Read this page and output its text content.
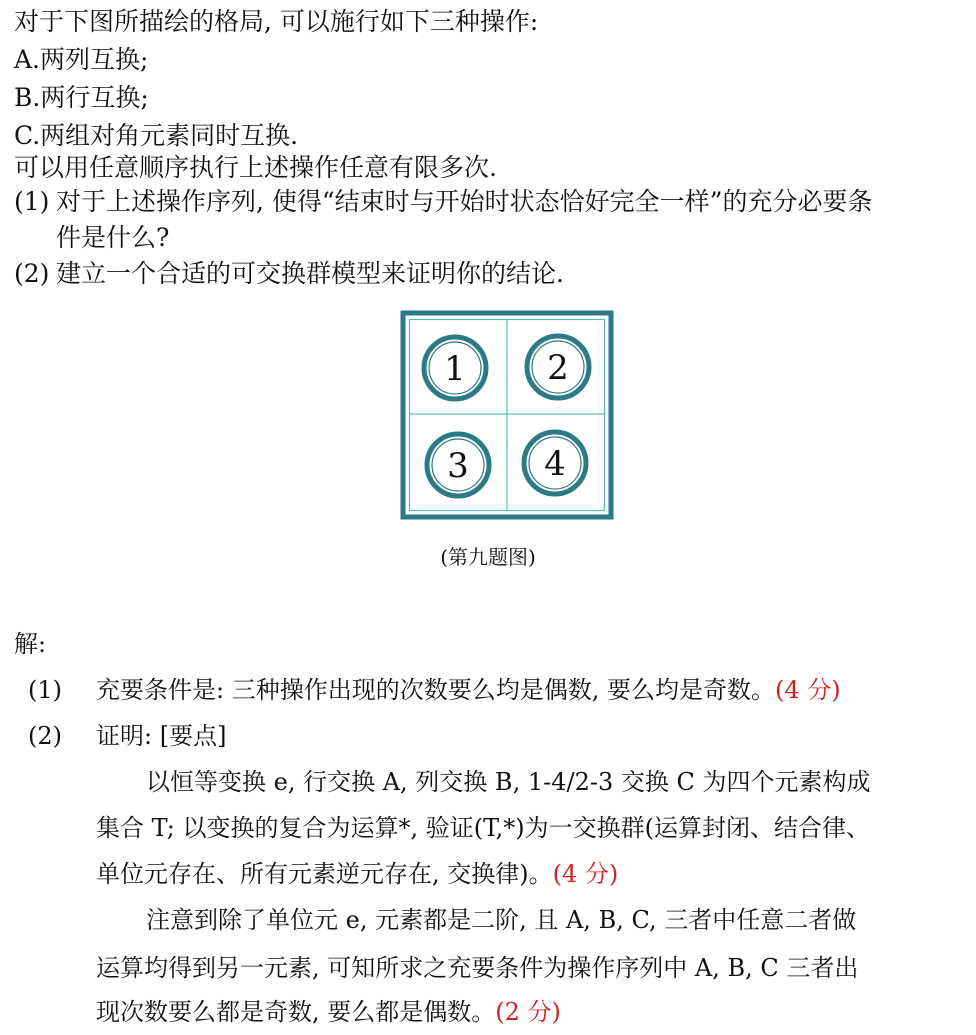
对于下图所描绘的格局, 可以施行如下三种操作:
A.两列互换;
B.两行互换;
C.两组对角元素同时互换.
可以用任意顺序执行上述操作任意有限多次.
(1) 对于上述操作序列, 使得“结束时与开始时状态恰好完全一样”的充分必要条
件是什么?
(2) 建立一个合适的可交换群模型来证明你的结论.
1 2
3 4
(第九题图)
解:
(1) 充要条件是: 三种操作出现的次数要么均是偶数, 要么均是奇数。(4 分)
(2) 证明: [要点]
以恒等变换 e, 行交换 A, 列交换 B, 1-4/2-3 交换 C 为四个元素构成
集合 T; 以变换的复合为运算*, 验证(T,*)为一交换群(运算封闭、结合律、
单位元存在、所有元素逆元存在, 交换律)。(4 分)
注意到除了单位元 e, 元素都是二阶, 且 A, B, C, 三者中任意二者做
运算均得到另一元素, 可知所求之充要条件为操作序列中 A, B, C 三者出
现次数要么都是奇数, 要么都是偶数。(2 分)
